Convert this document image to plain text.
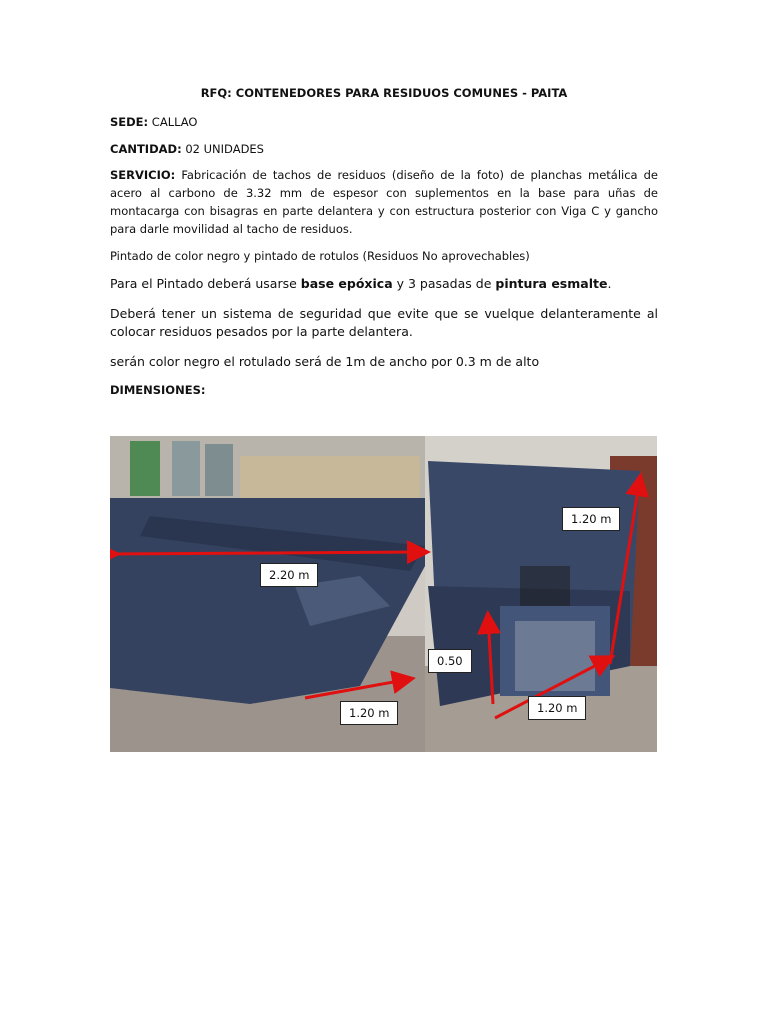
RFQ: CONTENEDORES PARA RESIDUOS COMUNES - PAITA
SEDE: CALLAO
CANTIDAD: 02 UNIDADES
SERVICIO: Fabricación de tachos de residuos (diseño de la foto) de planchas metálica de acero al carbono de 3.32 mm de espesor con suplementos en la base para uñas de montacarga con bisagras en parte delantera y con estructura posterior con Viga C y gancho para darle movilidad al tacho de residuos.
Pintado de color negro y pintado de rotulos (Residuos No aprovechables)
Para el Pintado deberá usarse base epóxica y 3 pasadas de pintura esmalte.
Deberá tener un sistema de seguridad que evite que se vuelque delanteramente al colocar residuos pesados por la parte delantera.
serán color negro el rotulado será de 1m de ancho por 0.3 m de alto
DIMENSIONES:
2.20 m
1.20 m
1.20 m
0.50
1.20 m
